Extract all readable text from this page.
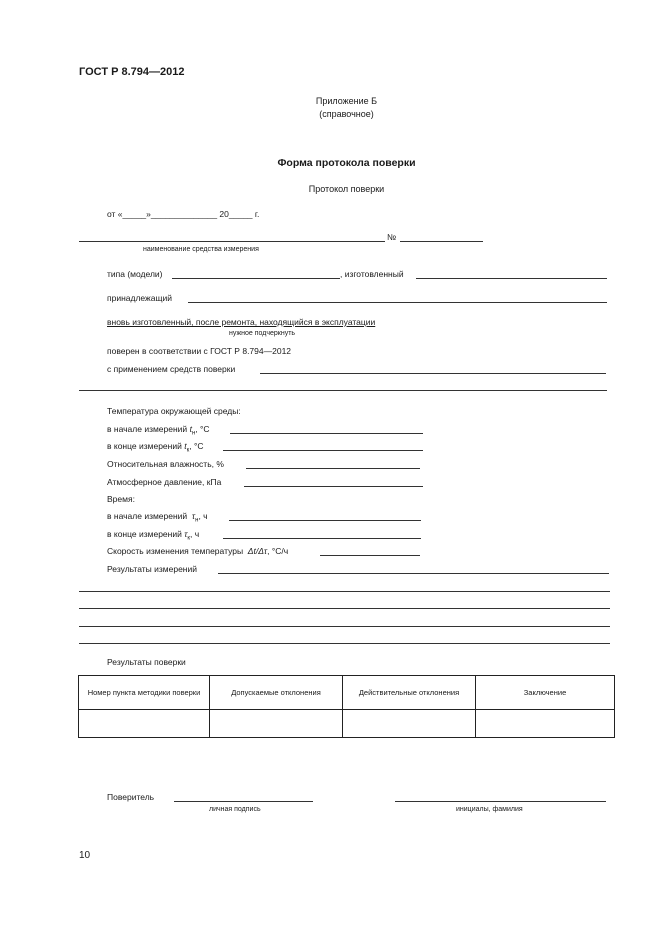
ГОСТ Р 8.794—2012
Приложение Б
(справочное)
Форма протокола поверки
Протокол поверки
от «_____»______________ 20_____ г.
№
наименование средства измерения
типа (модели)	, изготовленный
принадлежащий
вновь изготовленный, после ремонта, находящийся в эксплуатации
нужное подчеркнуть
поверен в соответствии с ГОСТ Р 8.794—2012
с применением средств поверки
Температура окружающей среды:
в начале измерений $t_н$, °C
в конце измерений $t_к$, °C
Относительная влажность, %
Атмосферное давление, кПа
Время:
в начале измерений $\tau_н$, ч
в конце измерений $\tau_к$, ч
Скорость изменения температуры Δt/Δτ, °С/ч
Результаты измерений
Результаты поверки
Номер пункта методики поверки	Допускаемые отклонения	Действительные отклонения	Заключение

Поверитель
личная подпись	инициалы, фамилия
10
